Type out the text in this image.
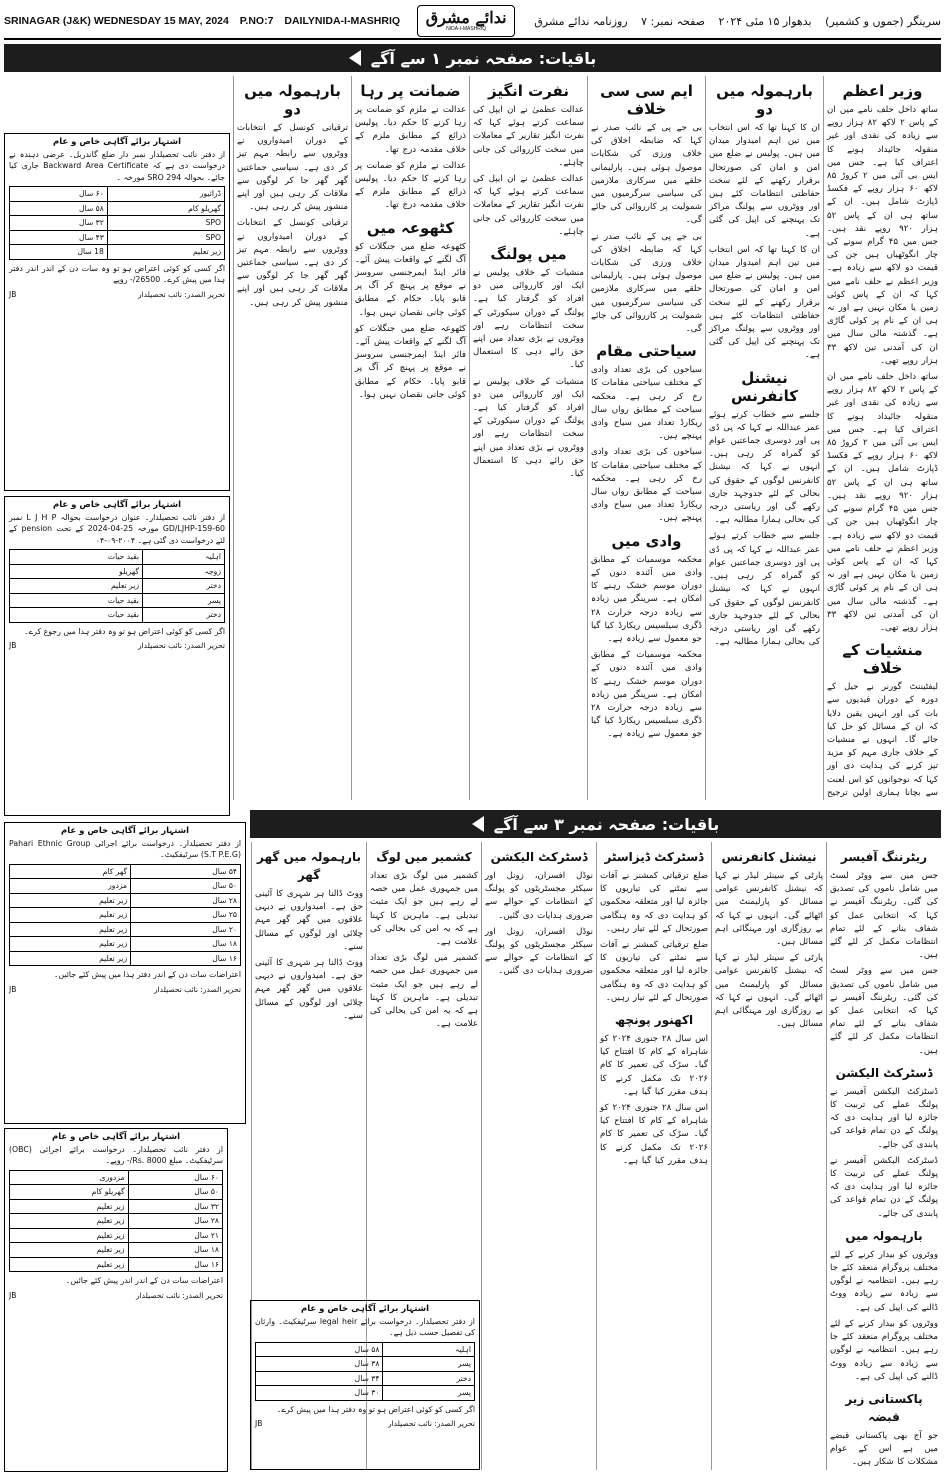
SRINAGAR (J&K) WEDNESDAY 15 MAY, 2024 P.NO:7 DAILYNIDA-I-MASHRIQ	ندائے مشرق
NIDA-I-MASHRIQ
سرینگر (جموں و کشمیر) بدھوار ۱۵ مئی ۲۰۲۴ صفحہ نمبر: ۷ روزنامہ ندائے مشرق
باقیات: صفحہ نمبر ۱ سے آگے
وزیر اعظم

ساتھ داخل حلف نامے میں ان کے پاس ۲ لاکھ ۸۲ ہزار روپے سے زیادہ کی نقدی اور غیر منقولہ جائیداد ہونے کا اعتراف کیا ہے۔ جس میں ایس بی آئی میں ۲ کروڑ ۸۵ لاکھ ۶۰ ہزار روپے کے فکسڈ ڈپازٹ شامل ہیں۔ ان کے ساتھ ہی ان کے پاس ۵۲ ہزار ۹۲۰ روپے نقد ہیں۔ جس میں ۴۵ گرام سونے کی چار انگوٹھیاں ہیں جن کی قیمت دو لاکھ سے زیادہ ہے۔ وزیر اعظم نے حلف نامے میں کہا کہ ان کے پاس کوئی زمین یا مکان نہیں ہے اور نہ ہی ان کے نام پر کوئی گاڑی ہے۔ گذشتہ مالی سال میں ان کی آمدنی تین لاکھ ۳۳ ہزار روپے تھی۔

ساتھ داخل حلف نامے میں ان کے پاس ۲ لاکھ ۸۲ ہزار روپے سے زیادہ کی نقدی اور غیر منقولہ جائیداد ہونے کا اعتراف کیا ہے۔ جس میں ایس بی آئی میں ۲ کروڑ ۸۵ لاکھ ۶۰ ہزار روپے کے فکسڈ ڈپازٹ شامل ہیں۔ ان کے ساتھ ہی ان کے پاس ۵۲ ہزار ۹۲۰ روپے نقد ہیں۔ جس میں ۴۵ گرام سونے کی چار انگوٹھیاں ہیں جن کی قیمت دو لاکھ سے زیادہ ہے۔ وزیر اعظم نے حلف نامے میں کہا کہ ان کے پاس کوئی زمین یا مکان نہیں ہے اور نہ ہی ان کے نام پر کوئی گاڑی ہے۔ گذشتہ مالی سال میں ان کی آمدنی تین لاکھ ۳۳ ہزار روپے تھی۔

منشیات کے خلاف

لیفٹیننٹ گورنر نے جیل کے دورہ کے دوران قیدیوں سے بات کی اور انہیں یقین دلایا کہ ان کے مسائل کو حل کیا جائے گا۔ انہوں نے منشیات کے خلاف جاری مہم کو مزید تیز کرنے کی ہدایت دی اور کہا کہ نوجوانوں کو اس لعنت سے بچانا ہماری اولین ترجیح

بارہمولہ میں دو

ان کا کہنا تھا کہ اس انتخاب میں تین اہم امیدوار میدان میں ہیں۔ پولیس نے ضلع میں امن و امان کی صورتحال برقرار رکھنے کے لئے سخت حفاظتی انتظامات کئے ہیں اور ووٹروں سے پولنگ مراکز تک پہنچنے کی اپیل کی گئی ہے۔

ان کا کہنا تھا کہ اس انتخاب میں تین اہم امیدوار میدان میں ہیں۔ پولیس نے ضلع میں امن و امان کی صورتحال برقرار رکھنے کے لئے سخت حفاظتی انتظامات کئے ہیں اور ووٹروں سے پولنگ مراکز تک پہنچنے کی اپیل کی گئی ہے۔

نیشنل کانفرنس

جلسے سے خطاب کرتے ہوئے عمر عبداللہ نے کہا کہ پی ڈی پی اور دوسری جماعتیں عوام کو گمراہ کر رہی ہیں۔ انہوں نے کہا کہ نیشنل کانفرنس لوگوں کے حقوق کی بحالی کے لئے جدوجہد جاری رکھے گی اور ریاستی درجہ کی بحالی ہمارا مطالبہ ہے۔

جلسے سے خطاب کرتے ہوئے عمر عبداللہ نے کہا کہ پی ڈی پی اور دوسری جماعتیں عوام کو گمراہ کر رہی ہیں۔ انہوں نے کہا کہ نیشنل کانفرنس لوگوں کے حقوق کی بحالی کے لئے جدوجہد جاری رکھے گی اور ریاستی درجہ کی بحالی ہمارا مطالبہ ہے۔

ایم سی سی خلاف

بی جے پی کے نائب صدر نے کہا کہ ضابطہ اخلاق کی خلاف ورزی کی شکایات موصول ہوئی ہیں۔ پارلیمانی حلقے میں سرکاری ملازمین کی سیاسی سرگرمیوں میں شمولیت پر کارروائی کی جائے گی۔

بی جے پی کے نائب صدر نے کہا کہ ضابطہ اخلاق کی خلاف ورزی کی شکایات موصول ہوئی ہیں۔ پارلیمانی حلقے میں سرکاری ملازمین کی سیاسی سرگرمیوں میں شمولیت پر کارروائی کی جائے گی۔

سیاحتی مقام

سیاحوں کی بڑی تعداد وادی کے مختلف سیاحتی مقامات کا رخ کر رہی ہے۔ محکمہ سیاحت کے مطابق رواں سال ریکارڈ تعداد میں سیاح وادی پہنچے ہیں۔

سیاحوں کی بڑی تعداد وادی کے مختلف سیاحتی مقامات کا رخ کر رہی ہے۔ محکمہ سیاحت کے مطابق رواں سال ریکارڈ تعداد میں سیاح وادی پہنچے ہیں۔

وادی میں

محکمہ موسمیات کے مطابق وادی میں آئندہ دنوں کے دوران موسم خشک رہنے کا امکان ہے۔ سرینگر میں زیادہ سے زیادہ درجہ حرارت ۲۸ ڈگری سیلسیس ریکارڈ کیا گیا جو معمول سے زیادہ ہے۔

محکمہ موسمیات کے مطابق وادی میں آئندہ دنوں کے دوران موسم خشک رہنے کا امکان ہے۔ سرینگر میں زیادہ سے زیادہ درجہ حرارت ۲۸ ڈگری سیلسیس ریکارڈ کیا گیا جو معمول سے زیادہ ہے۔

نفرت انگیز

عدالت عظمیٰ نے ان ایپل کی سماعت کرتے ہوئے کہا کہ نفرت انگیز تقاریر کے معاملات میں سخت کارروائی کی جانی چاہئے۔

عدالت عظمیٰ نے ان ایپل کی سماعت کرتے ہوئے کہا کہ نفرت انگیز تقاریر کے معاملات میں سخت کارروائی کی جانی چاہئے۔

میں پولنگ

منشیات کے خلاف پولیس نے ایک اور کارروائی میں دو افراد کو گرفتار کیا ہے۔ پولنگ کے دوران سیکورٹی کے سخت انتظامات رہے اور ووٹروں نے بڑی تعداد میں اپنے حق رائے دہی کا استعمال کیا۔

منشیات کے خلاف پولیس نے ایک اور کارروائی میں دو افراد کو گرفتار کیا ہے۔ پولنگ کے دوران سیکورٹی کے سخت انتظامات رہے اور ووٹروں نے بڑی تعداد میں اپنے حق رائے دہی کا استعمال کیا۔

ضمانت پر رہا

عدالت نے ملزم کو ضمانت پر رہا کرنے کا حکم دیا۔ پولیس ذرائع کے مطابق ملزم کے خلاف مقدمہ درج تھا۔

عدالت نے ملزم کو ضمانت پر رہا کرنے کا حکم دیا۔ پولیس ذرائع کے مطابق ملزم کے خلاف مقدمہ درج تھا۔

کٹھوعہ میں

کٹھوعہ ضلع میں جنگلات کو آگ لگنے کے واقعات پیش آئے۔ فائر اینڈ ایمرجنسی سروسز نے موقع پر پہنچ کر آگ پر قابو پایا۔ حکام کے مطابق کوئی جانی نقصان نہیں ہوا۔

کٹھوعہ ضلع میں جنگلات کو آگ لگنے کے واقعات پیش آئے۔ فائر اینڈ ایمرجنسی سروسز نے موقع پر پہنچ کر آگ پر قابو پایا۔ حکام کے مطابق کوئی جانی نقصان نہیں ہوا۔

بارہمولہ میں دو

ترقیاتی کونسل کے انتخابات کے دوران امیدواروں نے ووٹروں سے رابطہ مہم تیز کر دی ہے۔ سیاسی جماعتیں گھر گھر جا کر لوگوں سے ملاقات کر رہی ہیں اور اپنے منشور پیش کر رہی ہیں۔

ترقیاتی کونسل کے انتخابات کے دوران امیدواروں نے ووٹروں سے رابطہ مہم تیز کر دی ہے۔ سیاسی جماعتیں گھر گھر جا کر لوگوں سے ملاقات کر رہی ہیں اور اپنے منشور پیش کر رہی ہیں۔

باقیات: صفحہ نمبر ۳ سے آگے
ریٹرننگ آفیسر

جس میں سے ووٹر لسٹ میں شامل ناموں کی تصدیق کی گئی۔ ریٹرننگ آفیسر نے کہا کہ انتخابی عمل کو شفاف بنانے کے لئے تمام انتظامات مکمل کر لئے گئے ہیں۔

جس میں سے ووٹر لسٹ میں شامل ناموں کی تصدیق کی گئی۔ ریٹرننگ آفیسر نے کہا کہ انتخابی عمل کو شفاف بنانے کے لئے تمام انتظامات مکمل کر لئے گئے ہیں۔

ڈسٹرکٹ الیکشن

ڈسٹرکٹ الیکشن آفیسر نے پولنگ عملے کی تربیت کا جائزہ لیا اور ہدایت دی کہ پولنگ کے دن تمام قواعد کی پابندی کی جائے۔

ڈسٹرکٹ الیکشن آفیسر نے پولنگ عملے کی تربیت کا جائزہ لیا اور ہدایت دی کہ پولنگ کے دن تمام قواعد کی پابندی کی جائے۔

بارہمولہ میں

ووٹروں کو بیدار کرنے کے لئے مختلف پروگرام منعقد کئے جا رہے ہیں۔ انتظامیہ نے لوگوں سے زیادہ سے زیادہ ووٹ ڈالنے کی اپیل کی ہے۔

ووٹروں کو بیدار کرنے کے لئے مختلف پروگرام منعقد کئے جا رہے ہیں۔ انتظامیہ نے لوگوں سے زیادہ سے زیادہ ووٹ ڈالنے کی اپیل کی ہے۔

پاکستانی زیر قبضہ

جو آج بھی پاکستانی قبضے میں ہے اس کے عوام مشکلات کا شکار ہیں۔

نیشنل کانفرنس

پارٹی کے سینئر لیڈر نے کہا کہ نیشنل کانفرنس عوامی مسائل کو پارلیمنٹ میں اٹھائے گی۔ انہوں نے کہا کہ بے روزگاری اور مہنگائی اہم مسائل ہیں۔

پارٹی کے سینئر لیڈر نے کہا کہ نیشنل کانفرنس عوامی مسائل کو پارلیمنٹ میں اٹھائے گی۔ انہوں نے کہا کہ بے روزگاری اور مہنگائی اہم مسائل ہیں۔

ڈسٹرکٹ ڈیزاسٹر

ضلع ترقیاتی کمشنر نے آفات سے نمٹنے کی تیاریوں کا جائزہ لیا اور متعلقہ محکموں کو ہدایت دی کہ وہ ہنگامی صورتحال کے لئے تیار رہیں۔

ضلع ترقیاتی کمشنر نے آفات سے نمٹنے کی تیاریوں کا جائزہ لیا اور متعلقہ محکموں کو ہدایت دی کہ وہ ہنگامی صورتحال کے لئے تیار رہیں۔

اکھنور پونچھ

اس سال ۲۸ جنوری ۲۰۲۴ کو شاہراہ کے کام کا افتتاح کیا گیا۔ سڑک کی تعمیر کا کام ۲۰۲۶ تک مکمل کرنے کا ہدف مقرر کیا گیا ہے۔

اس سال ۲۸ جنوری ۲۰۲۴ کو شاہراہ کے کام کا افتتاح کیا گیا۔ سڑک کی تعمیر کا کام ۲۰۲۶ تک مکمل کرنے کا ہدف مقرر کیا گیا ہے۔

ڈسٹرکٹ الیکشن

نوڈل افسران، زونل اور سیکٹر مجسٹریٹوں کو پولنگ کے انتظامات کے حوالے سے ضروری ہدایات دی گئیں۔

نوڈل افسران، زونل اور سیکٹر مجسٹریٹوں کو پولنگ کے انتظامات کے حوالے سے ضروری ہدایات دی گئیں۔

کشمیر میں لوگ

کشمیر میں لوگ بڑی تعداد میں جمہوری عمل میں حصہ لے رہے ہیں جو ایک مثبت تبدیلی ہے۔ ماہرین کا کہنا ہے کہ یہ امن کی بحالی کی علامت ہے۔

کشمیر میں لوگ بڑی تعداد میں جمہوری عمل میں حصہ لے رہے ہیں جو ایک مثبت تبدیلی ہے۔ ماہرین کا کہنا ہے کہ یہ امن کی بحالی کی علامت ہے۔

بارہمولہ میں گھر گھر

ووٹ ڈالنا ہر شہری کا آئینی حق ہے۔ امیدواروں نے دیہی علاقوں میں گھر گھر مہم چلائی اور لوگوں کے مسائل سنے۔

ووٹ ڈالنا ہر شہری کا آئینی حق ہے۔ امیدواروں نے دیہی علاقوں میں گھر گھر مہم چلائی اور لوگوں کے مسائل سنے۔

اشتہار برائے آگاہی خاص و عام
از دفتر نائب تحصیلدار نمبر دار ضلع گاندربل۔ عرضی دہندہ نے درخواست دی ہے کہ Backward Area Certificate جاری کیا جائے۔ بحوالہ SRO 294 مورخہ ۔
ڈرائیور	۶۰ سال
گھریلو کام	۵۸ سال
SPO	۳۲ سال
SPO	۴۳ سال
زیر تعلیم	18 سال
اگر کسی کو کوئی اعتراض ہو تو وہ سات دن کے اندر اندر دفتر ہذا میں پیش کرے۔ 26500/- روپے
تحریر الصدر: نائب تحصیلدار
JB
اشتہار برائے آگاہی خاص و عام
از دفتر نائب تحصیلدار۔ عنوان درخواست بحوالہ L J H P نمبر GD/LJHP-159-60 مورخہ 25-04-2024 کے تحت pension کے لئے درخواست دی گئی ہے۔ ۲۰۰۴-۰۹-۰۴
اہلیہ	بقید حیات
زوجہ	گھریلو
دختر	زیر تعلیم
پسر	بقید حیات
دختر	بقید حیات
اگر کسی کو کوئی اعتراض ہو تو وہ دفتر ہذا میں رجوع کرے۔
تحریر الصدر: نائب تحصیلدار
JB
اشتہار برائے آگاہی خاص و عام
از دفتر تحصیلدار۔ درخواست برائے اجرائی Pahari Ethnic Group (S.T P.E.G) سرٹیفکیٹ۔
۵۴ سال	گھر کام
۵۰ سال	مزدور
۲۸ سال	زیر تعلیم
۲۵ سال	زیر تعلیم
۲۰ سال	زیر تعلیم
۱۸ سال	زیر تعلیم
۱۶ سال	زیر تعلیم
اعتراضات سات دن کے اندر دفتر ہذا میں پیش کئے جائیں۔
تحریر الصدر: نائب تحصیلدار
JB
اشتہار برائے آگاہی خاص و عام
از دفتر نائب تحصیلدار۔ درخواست برائے اجرائی (OBC) سرٹیفکیٹ۔ مبلغ Rs. 8000/- روپے۔
۶۰ سال	مزدوری
۵۰ سال	گھریلو کام
۳۲ سال	زیر تعلیم
۲۸ سال	زیر تعلیم
۲۱ سال	زیر تعلیم
۱۸ سال	زیر تعلیم
۱۶ سال	زیر تعلیم
اعتراضات سات دن کے اندر اندر پیش کئے جائیں۔
تحریر الصدر: نائب تحصیلدار
JB
اشتہار برائے آگاہی خاص و عام
از دفتر تحصیلدار۔ درخواست برائے legal heir سرٹیفکیٹ۔ وارثان کی تفصیل حسب ذیل ہے۔
اہلیہ	۵۸ سال
پسر	۳۸ سال
دختر	۳۴ سال
پسر	۳۰ سال
اگر کسی کو کوئی اعتراض ہو تو وہ دفتر ہذا میں پیش کرے۔
تحریر الصدر: نائب تحصیلدار
JB
